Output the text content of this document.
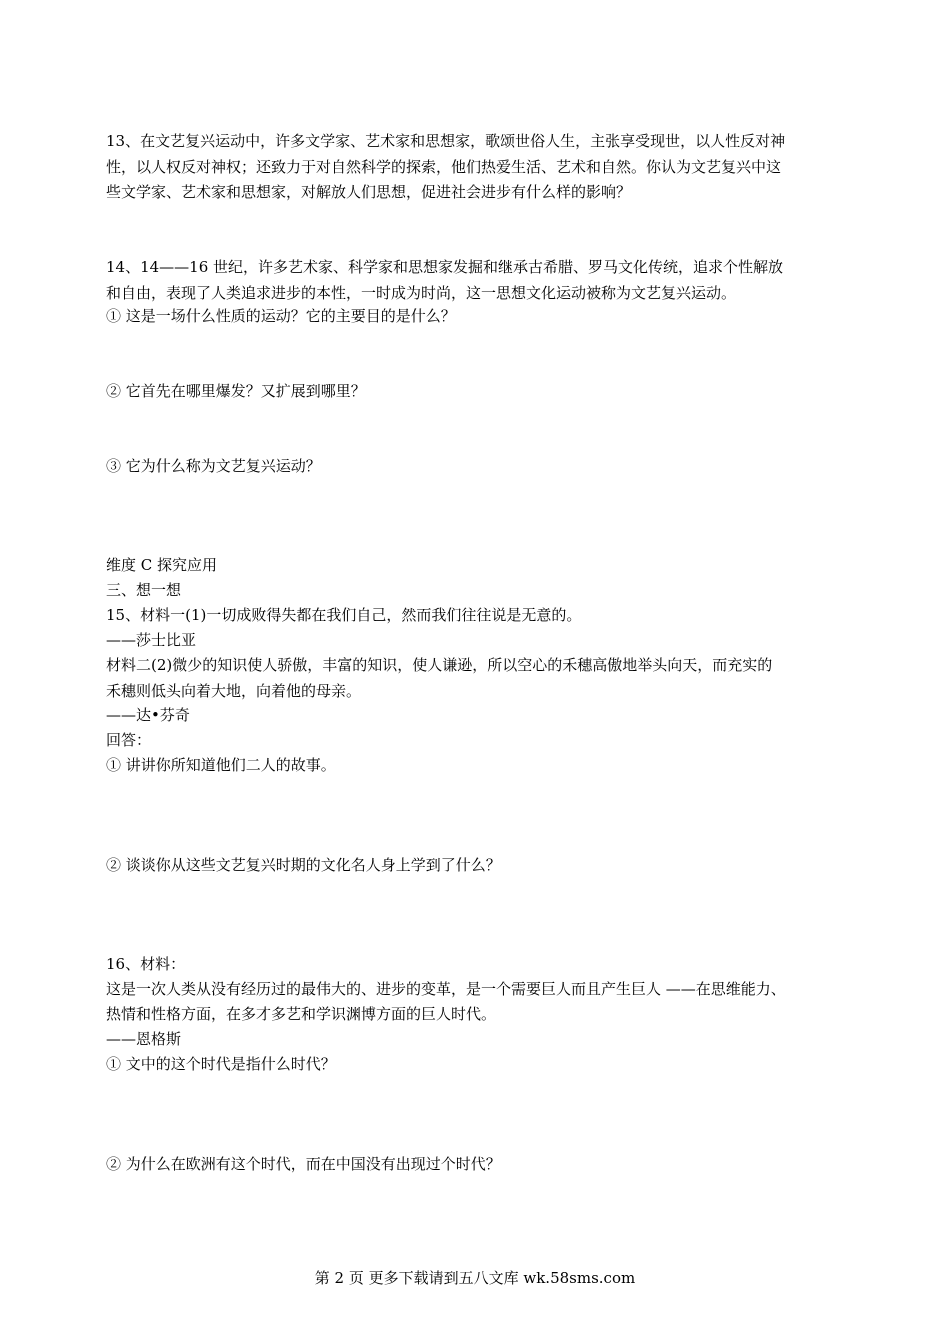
13、在文艺复兴运动中，许多文学家、艺术家和思想家，歌颂世俗人生，主张享受现世，以人性反对神
性，以人权反对神权；还致力于对自然科学的探索，他们热爱生活、艺术和自然。你认为文艺复兴中这
些文学家、艺术家和思想家，对解放人们思想，促进社会进步有什么样的影响？
14、14——16 世纪，许多艺术家、科学家和思想家发掘和继承古希腊、罗马文化传统，追求个性解放
和自由，表现了人类追求进步的本性，一时成为时尚，这一思想文化运动被称为文艺复兴运动。
① 这是一场什么性质的运动？它的主要目的是什么？
② 它首先在哪里爆发？又扩展到哪里？
③ 它为什么称为文艺复兴运动？
维度 C 探究应用
三、想一想
15、材料一(1)一切成败得失都在我们自己，然而我们往往说是无意的。
——莎士比亚
材料二(2)微少的知识使人骄傲，丰富的知识，使人谦逊，所以空心的禾穗高傲地举头向天，而充实的
禾穗则低头向着大地，向着他的母亲。
——达•芬奇
回答：
① 讲讲你所知道他们二人的故事。
② 谈谈你从这些文艺复兴时期的文化名人身上学到了什么？
16、材料：
这是一次人类从没有经历过的最伟大的、进步的变革，是一个需要巨人而且产生巨人 ——在思维能力、
热情和性格方面，在多才多艺和学识渊博方面的巨人时代。
——恩格斯
① 文中的这个时代是指什么时代？
② 为什么在欧洲有这个时代，而在中国没有出现过个时代？
第 2 页 更多下载请到五八文库 wk.58sms.com
